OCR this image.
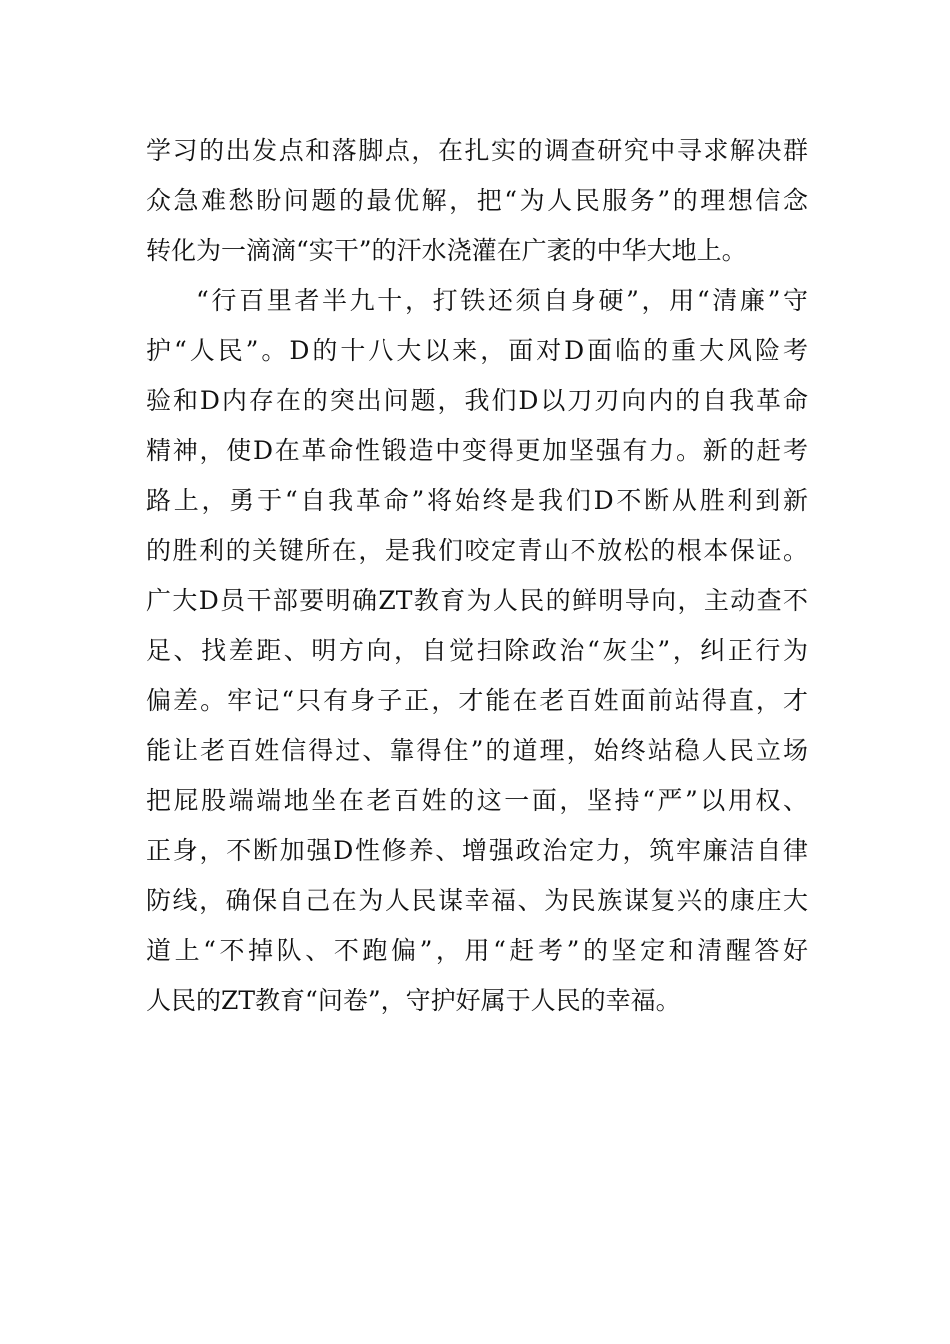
学习的出发点和落脚点，在扎实的调查研究中寻求解决群
众急难愁盼问题的最优解，把“为人民服务”的理想信念
转化为一滴滴“实干”的汗水浇灌在广袤的中华大地上。
“行百里者半九十，打铁还须自身硬”，用“清廉”守
护“人民”。D的十八大以来，面对D面临的重大风险考
验和D内存在的突出问题，我们D以刀刃向内的自我革命
精神，使D在革命性锻造中变得更加坚强有力。新的赶考
路上，勇于“自我革命”将始终是我们D不断从胜利到新
的胜利的关键所在，是我们咬定青山不放松的根本保证。
广大D员干部要明确ZT教育为人民的鲜明导向，主动查不
足、找差距、明方向，自觉扫除政治“灰尘”，纠正行为
偏差。牢记“只有身子正，才能在老百姓面前站得直，才
能让老百姓信得过、靠得住”的道理，始终站稳人民立场
把屁股端端地坐在老百姓的这一面，坚持“严”以用权、
正身，不断加强D性修养、增强政治定力，筑牢廉洁自律
防线，确保自己在为人民谋幸福、为民族谋复兴的康庄大
道上“不掉队、不跑偏”，用“赶考”的坚定和清醒答好
人民的ZT教育“问卷”，守护好属于人民的幸福。
